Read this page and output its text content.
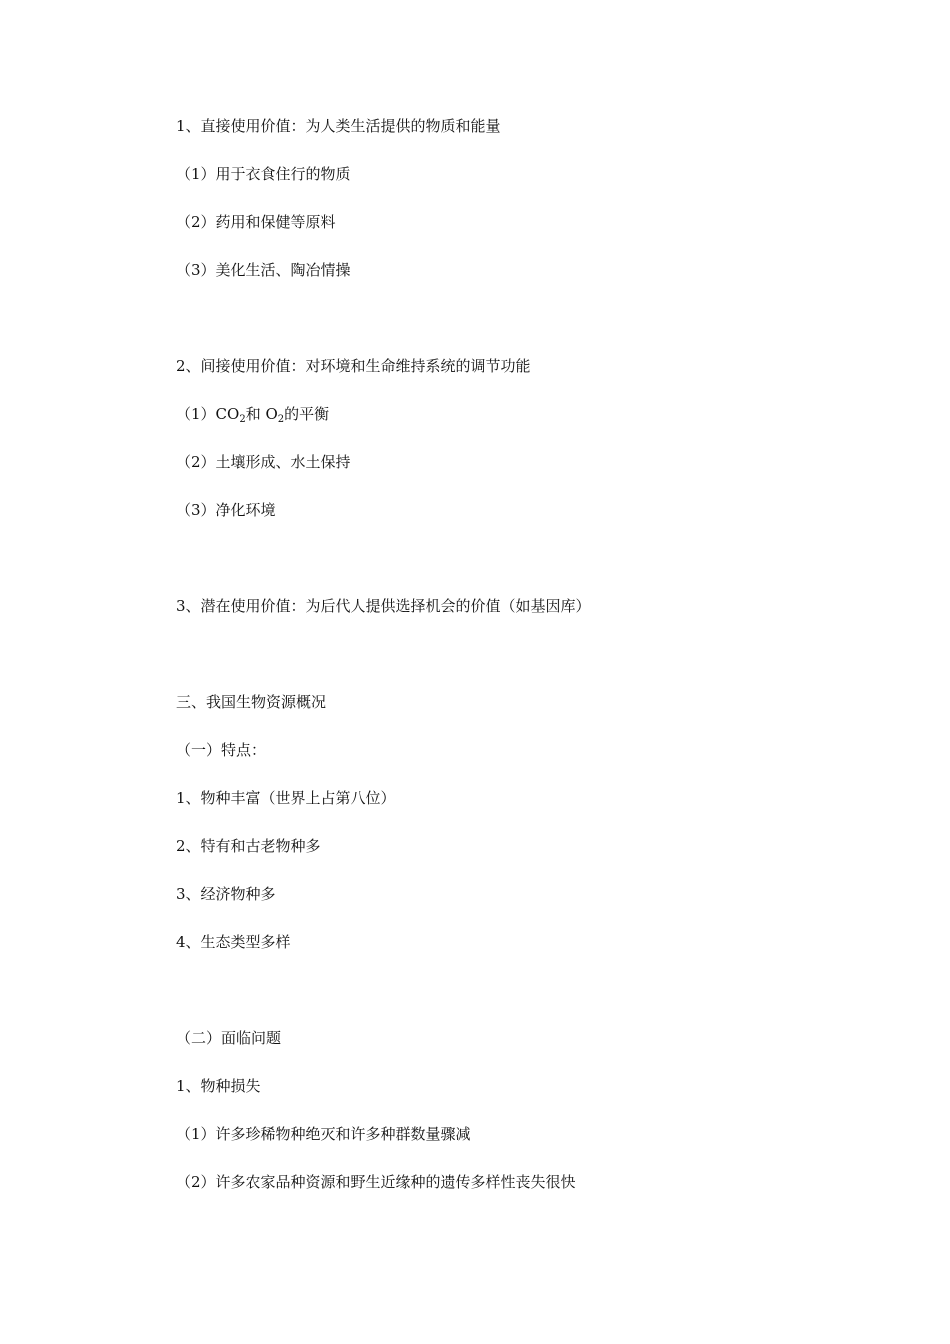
1、直接使用价值：为人类生活提供的物质和能量
（1）用于衣食住行的物质
（2）药用和保健等原料
（3）美化生活、陶冶情操
2、间接使用价值：对环境和生命维持系统的调节功能
$(1)CO_2$和 $O_2$的平衡
（2）土壤形成、水土保持
（3）净化环境
3、潜在使用价值：为后代人提供选择机会的价值（如基因库）
三、我国生物资源概况
（一）特点：
1、物种丰富（世界上占第八位）
2、特有和古老物种多
3、经济物种多
4、生态类型多样
（二）面临问题
1、物种损失
（1）许多珍稀物种绝灭和许多种群数量骤减
（2）许多农家品种资源和野生近缘种的遗传多样性丧失很快
